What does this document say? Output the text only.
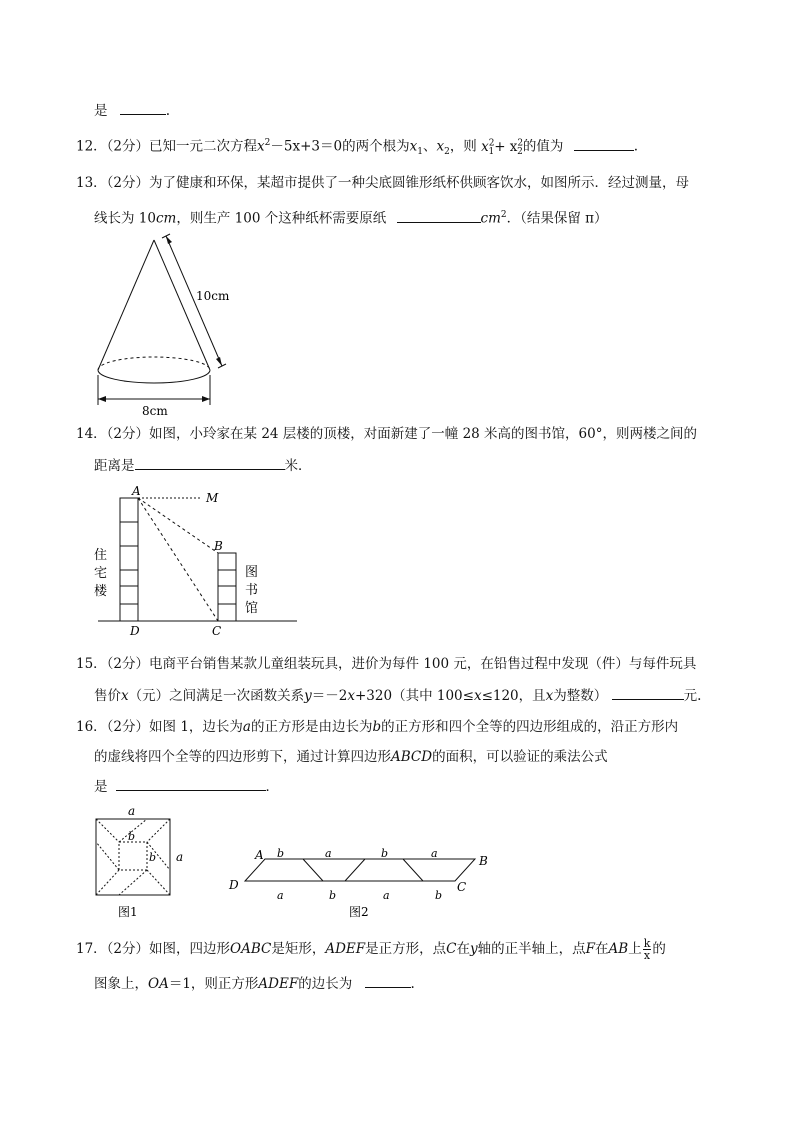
是	.
12．（2分）已知一元二次方程$x^2-5x+3=0$的两个根为$x_1$、$x_2$，则 $x^2_1+ x^2_2$的值为	.
13．（2分）为了健康和环保，某超市提供了一种尖底圆锥形纸杯供顾客饮水，如图所示．经过测量，母
线长为 10cm，则生产 100 个这种纸杯需要原纸	$cm^2$．（结果保留 π）
10cm
8cm
14．（2分）如图，小玲家在某 24 层楼的顶楼，对面新建了一幢 28 米高的图书馆，60°，则两楼之间的
距离是	米．
A	M
B
C
D
住
宅
楼
图
书
馆
15．（2分）电商平台销售某款儿童组装玩具，进价为每件 100 元，在铅售过程中发现（件）与每件玩具
售价x（元）之间满足一次函数关系y＝－2x+320（其中 100≤x≤120，且x为整数）	元.
16．（2分）如图 1，边长为a的正方形是由边长为b的正方形和四个全等的四边形组成的，沿正方形内
的虚线将四个全等的四边形剪下，通过计算四边形ABCD的面积，可以验证的乘法公式
是	．
a
b
b a
图1
A	B
C
D
b	a	b	a
a	b	a	b
图2
17．（2分）如图，四边形OABC是矩形，ADEF是正方形，点C在y轴的正半轴上，点F在AB上 $\frac{k}{x}$ 的
图象上，OA＝1，则正方形ADEF的边长为	.
